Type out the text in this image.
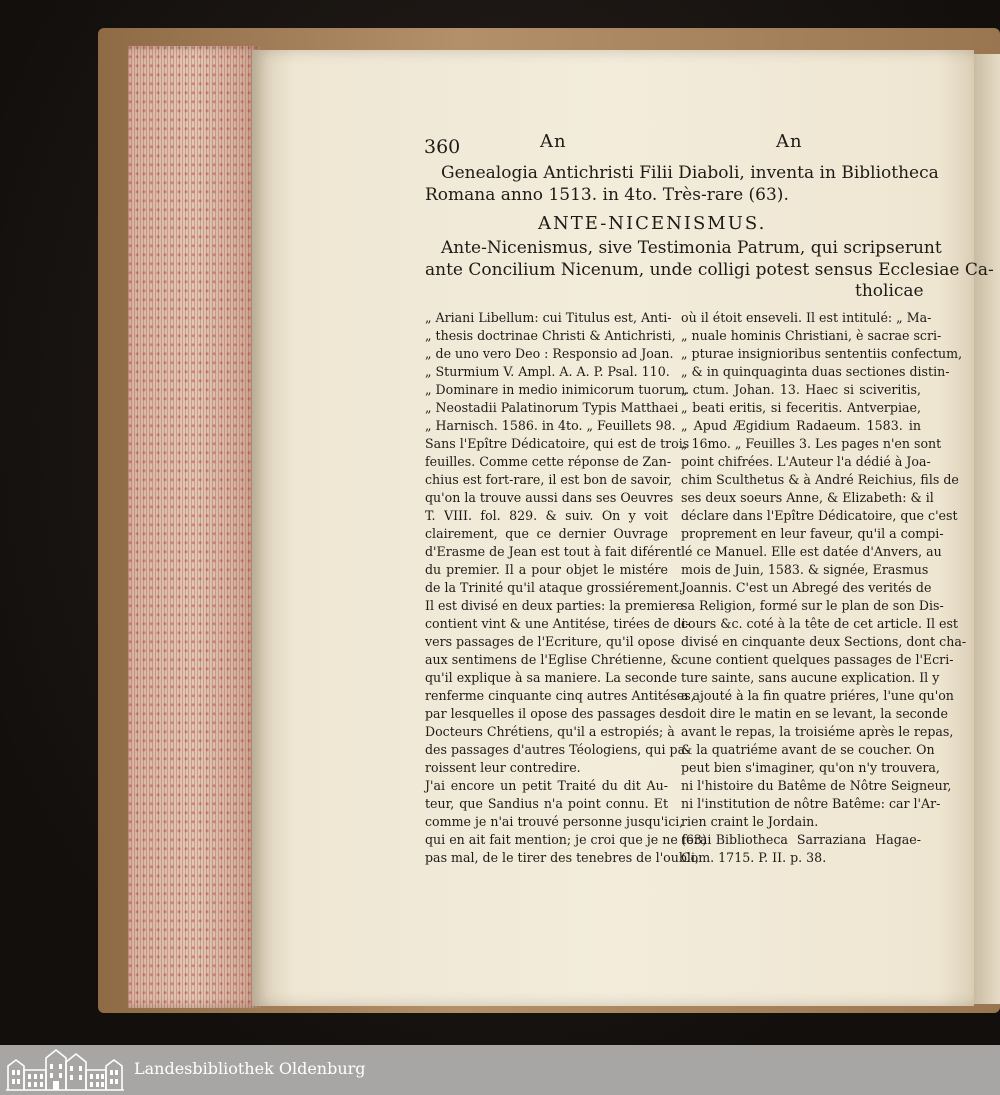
360	An	An
Genealogia Antichristi Filii Diaboli, inventa in Bibliotheca
Romana anno 1513. in 4to. Très-rare (63).
ANTE-NICENISMUS.
Ante-Nicenismus, sive Testimonia Patrum, qui scripserunt
ante Concilium Nicenum, unde colligi potest sensus Ecclesiae Ca-
tholicae
„ Ariani Libellum: cui Titulus est, Anti-
„ thesis doctrinae Christi & Antichristi,
„ de uno vero Deo : Responsio ad Joan.
„ Sturmium V. Ampl. A. A. P. Psal. 110.
„ Dominare in medio inimicorum tuorum.
„ Neostadii Palatinorum Typis Matthaei
„ Harnisch. 1586. in 4to. „ Feuillets 98.
Sans l'Epître Dédicatoire, qui est de trois
feuilles. Comme cette réponse de Zan-
chius est fort-rare, il est bon de savoir,
qu'on la trouve aussi dans ses Oeuvres
T. VIII. fol. 829. & suiv. On y voit
clairement, que ce dernier Ouvrage
d'Erasme de Jean est tout à fait diférent
du premier. Il a pour objet le mistére
de la Trinité qu'il ataque grossiérement.
Il est divisé en deux parties: la premiere
contient vint & une Antitése, tirées de di-
vers passages de l'Ecriture, qu'il opose
aux sentimens de l'Eglise Chrétienne, &
qu'il explique à sa maniere. La seconde
renferme cinquante cinq autres Antitéses,
par lesquelles il opose des passages des
Docteurs Chrétiens, qu'il a estropiés; à
des passages d'autres Téologiens, qui pa-
roissent leur contredire.
J'ai encore un petit Traité du dit Au-
teur, que Sandius n'a point connu. Et
comme je n'ai trouvé personne jusqu'ici,
qui en ait fait mention; je croi que je ne ferai
pas mal, de le tirer des tenebres de l'oubli,
où il étoit enseveli. Il est intitulé: „ Ma-
„ nuale hominis Christiani, è sacrae scri-
„ pturae insignioribus sententiis confectum,
„ & in quinquaginta duas sectiones distin-
„ ctum. Johan. 13. Haec si sciveritis,
„ beati eritis, si feceritis. Antverpiae,
„ Apud Ægidium Radaeum. 1583. in
„ 16mo. „ Feuilles 3. Les pages n'en sont
point chifrées. L'Auteur l'a dédié à Joa-
chim Sculthetus & à André Reichius, fils de
ses deux soeurs Anne, & Elizabeth: & il
déclare dans l'Epître Dédicatoire, que c'est
proprement en leur faveur, qu'il a compi-
lé ce Manuel. Elle est datée d'Anvers, au
mois de Juin, 1583. & signée, Erasmus
Joannis. C'est un Abregé des verités de
sa Religion, formé sur le plan de son Dis-
cours &c. coté à la tête de cet article. Il est
divisé en cinquante deux Sections, dont cha-
cune contient quelques passages de l'Ecri-
ture sainte, sans aucune explication. Il y
a ajouté à la fin quatre priéres, l'une qu'on
doit dire le matin en se levant, la seconde
avant le repas, la troisiéme après le repas,
& la quatriéme avant de se coucher. On
peut bien s'imaginer, qu'on n'y trouvera,
ni l'histoire du Batême de Nôtre Seigneur,
ni l'institution de nôtre Batême: car l'Ar-
rien craint le Jordain.
(63) Bibliotheca Sarraziana Hagae-
Com. 1715. P. II. p. 38.
Landesbibliothek Oldenburg
